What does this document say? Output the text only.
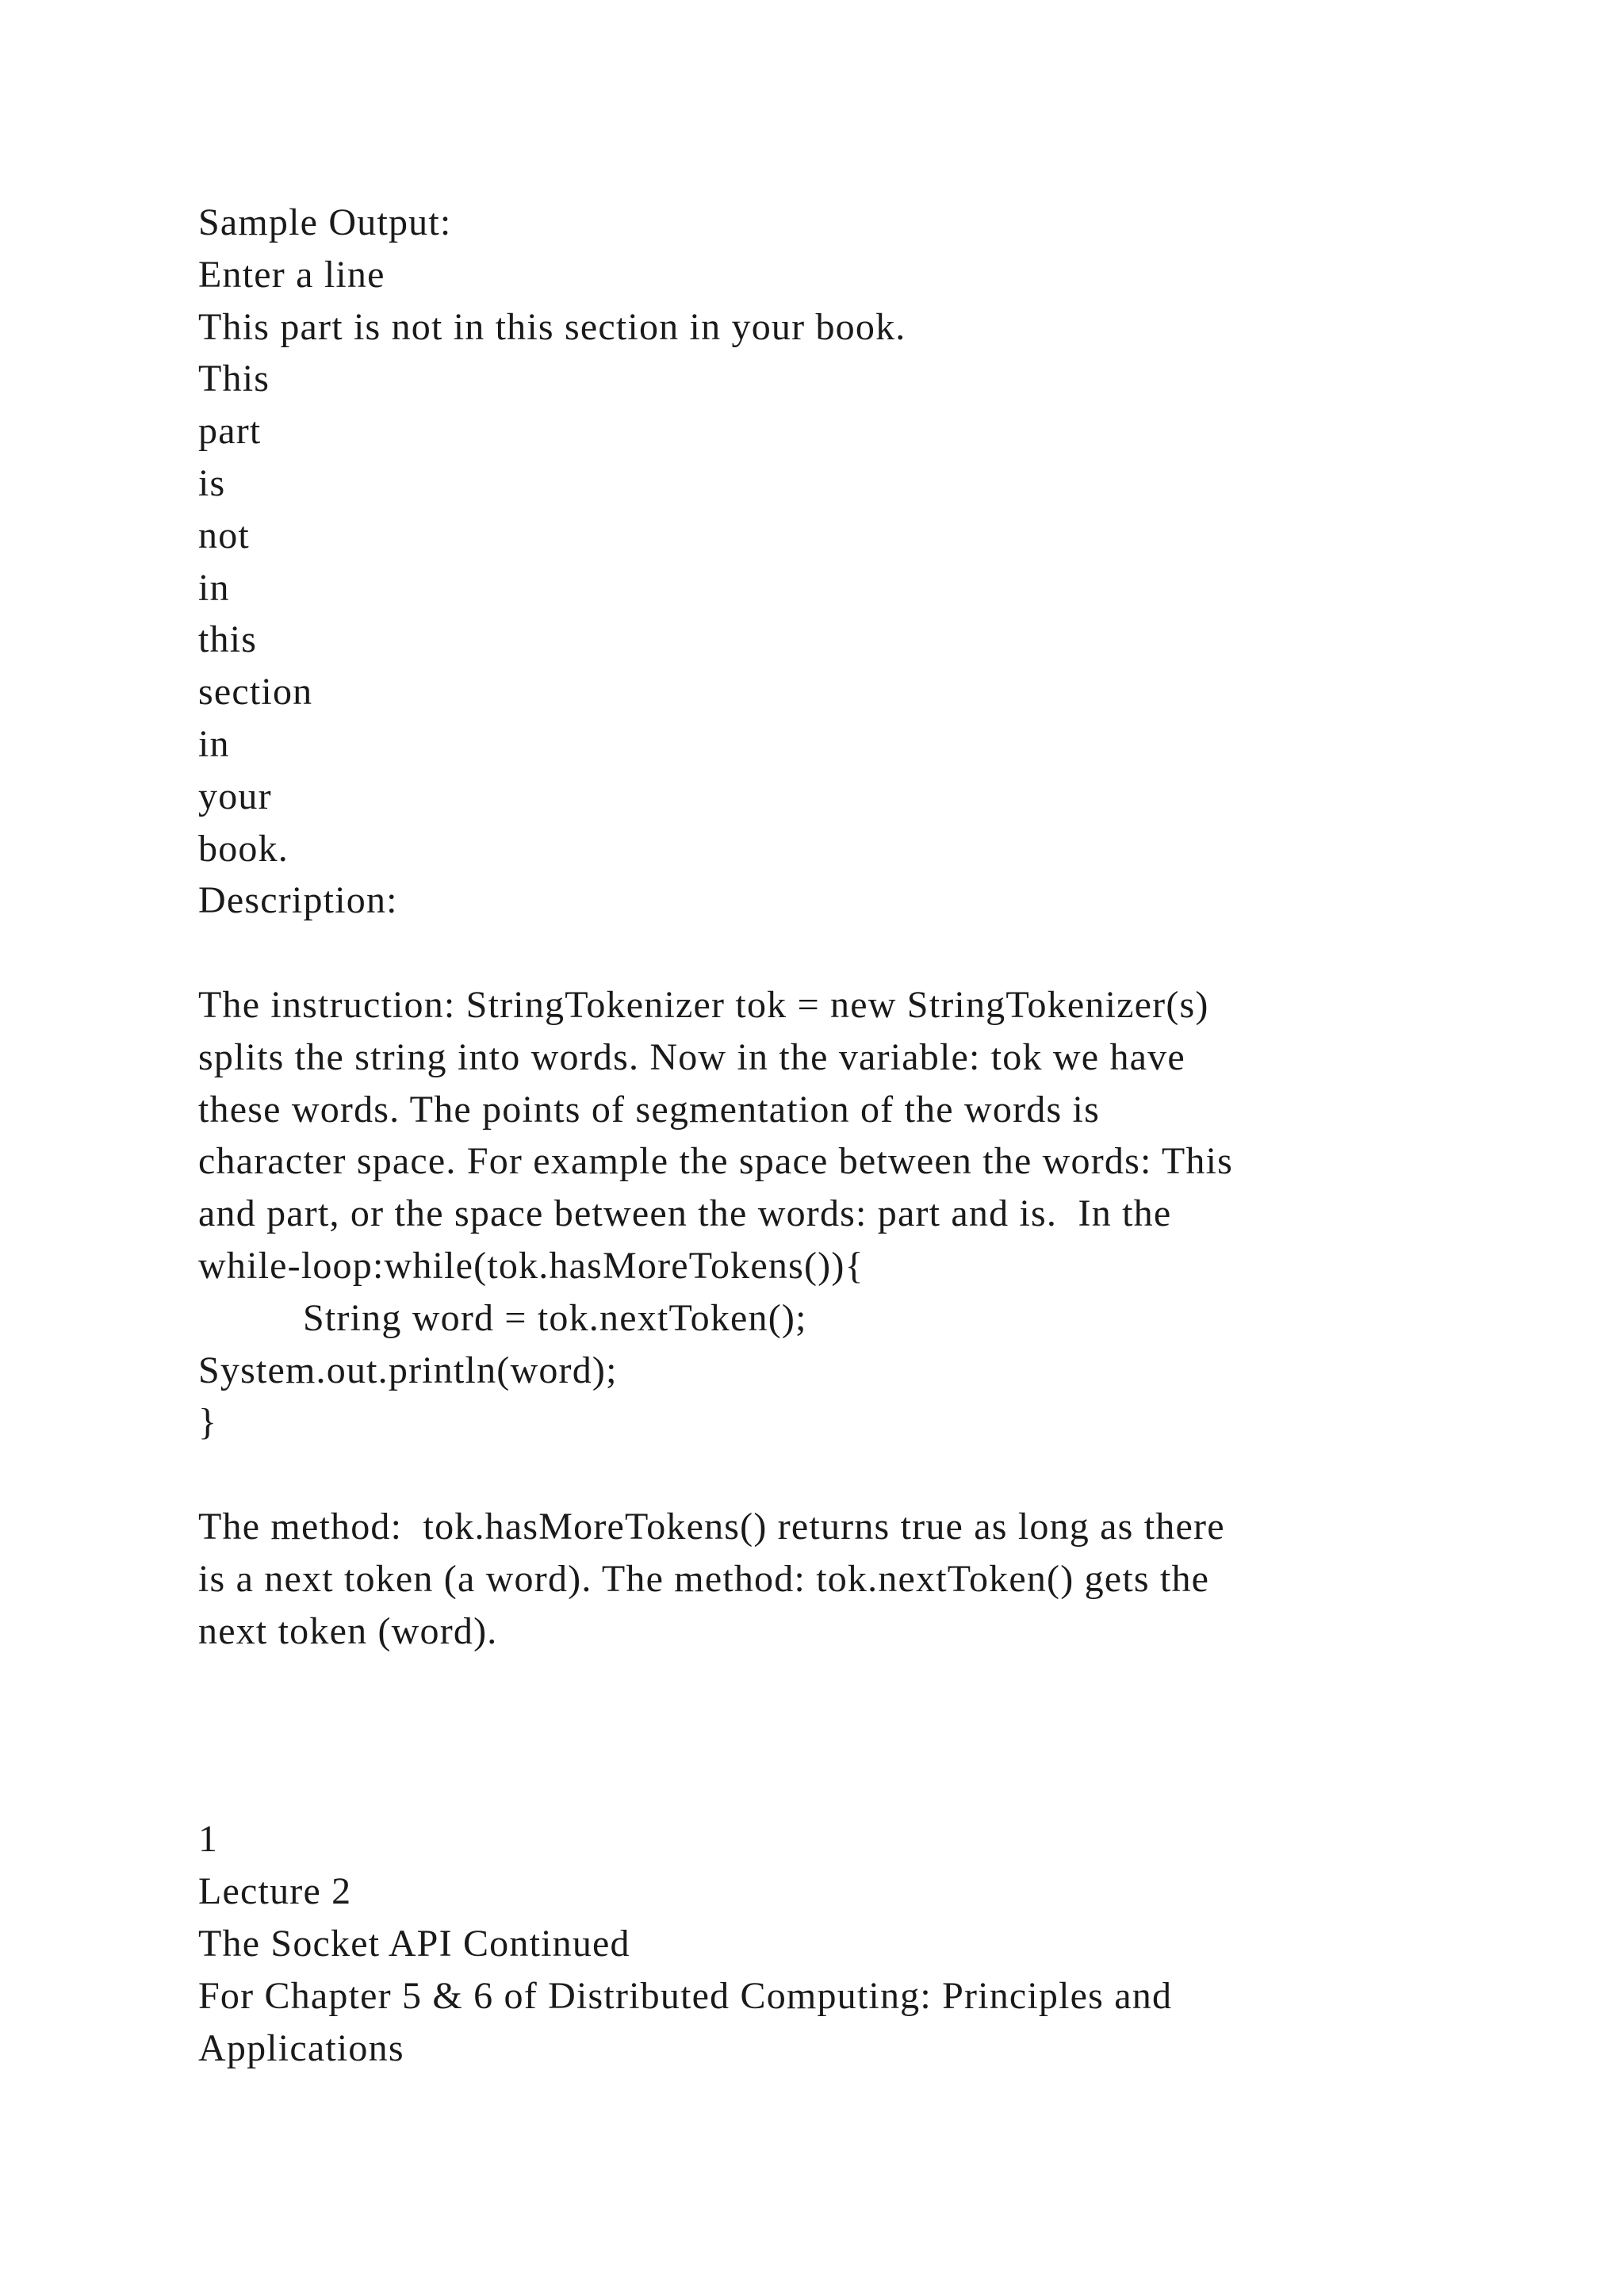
Sample Output:
Enter a line
This part is not in this section in your book.
This
part
is
not
in
this
section
in
your
book.
Description:
The instruction: StringTokenizer tok = new StringTokenizer(s)
splits the string into words. Now in the variable: tok we have
these words. The points of segmentation of the words is
character space. For example the space between the words: This
and part, or the space between the words: part and is.  In the
while-loop:while(tok.hasMoreTokens()){
String word = tok.nextToken();
System.out.println(word);
}
The method:  tok.hasMoreTokens() returns true as long as there
is a next token (a word). The method: tok.nextToken() gets the
next token (word).
1
Lecture 2
The Socket API Continued
For Chapter 5 & 6 of Distributed Computing: Principles and
Applications
